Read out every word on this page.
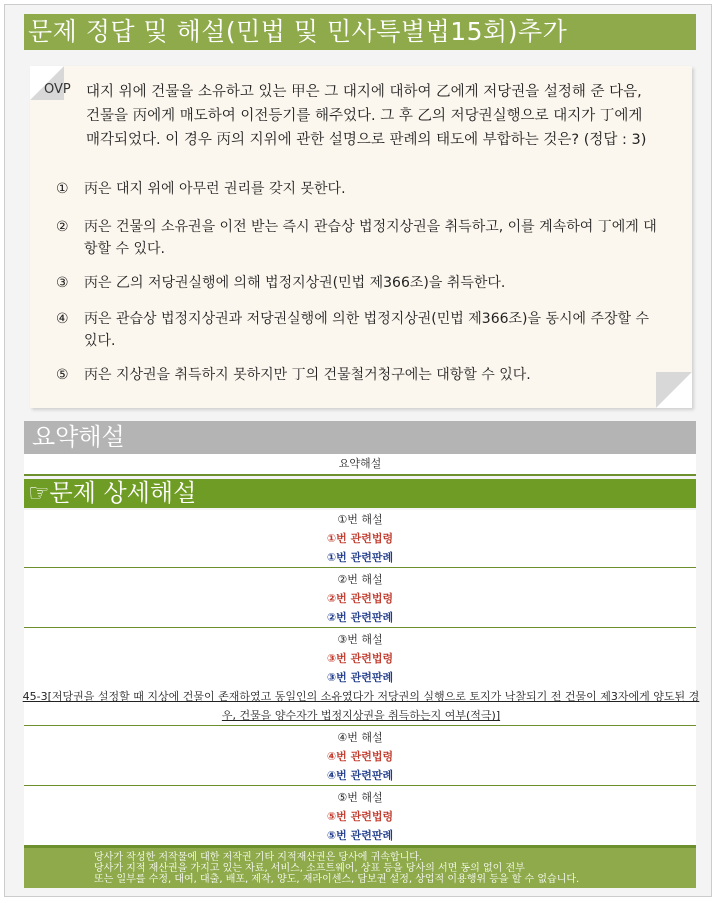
문제 정답 및 해설(민법 및 민사특별법15회)추가
OVP 대지 위에 건물을 소유하고 있는 甲은 그 대지에 대하여 乙에게 저당권을 설정해 준 다음, 건물을 丙에게 매도하여 이전등기를 해주었다. 그 후 乙의 저당권실행으로 대지가 丁에게 매각되었다. 이 경우 丙의 지위에 관한 설명으로 판례의 태도에 부합하는 것은? (정답 : 3)
① 丙은 대지 위에 아무런 권리를 갖지 못한다.
② 丙은 건물의 소유권을 이전 받는 즉시 관습상 법정지상권을 취득하고, 이를 계속하여 丁에게 대항할 수 있다.
③ 丙은 乙의 저당권실행에 의해 법정지상권(민법 제366조)을 취득한다.
④ 丙은 관습상 법정지상권과 저당권실행에 의한 법정지상권(민법 제366조)을 동시에 주장할 수 있다.
⑤ 丙은 지상권을 취득하지 못하지만 丁의 건물철거청구에는 대항할 수 있다.
요약해설
요약해설
☞문제 상세해설
①번 해설
①번 관련법령
①번 관련판례
②번 해설
②번 관련법령
②번 관련판례
③번 해설
③번 관련법령
③번 관련판례
45-3[저당권을 설정할 때 지상에 건물이 존재하였고 동일인의 소유였다가 저당권의 실행으로 토지가 낙찰되기 전 건물이 제3자에게 양도된 경우, 건물을 양수자가 법정지상권을 취득하는지 여부(적극)]
④번 해설
④번 관련법령
④번 관련판례
⑤번 해설
⑤번 관련법령
⑤번 관련판례
당사가 작성한 저작물에 대한 저작권 기타 지적재산권은 당사에 귀속합니다.
당사가 지적 재산권을 가지고 있는 자료, 서비스, 소프트웨어, 상표 등을 당사의 서면 동의 없이 전부
또는 일부를 수정, 대여, 대출, 배포, 제작, 양도, 재라이센스, 담보권 설정, 상업적 이용행위 등을 할 수 없습니다.
